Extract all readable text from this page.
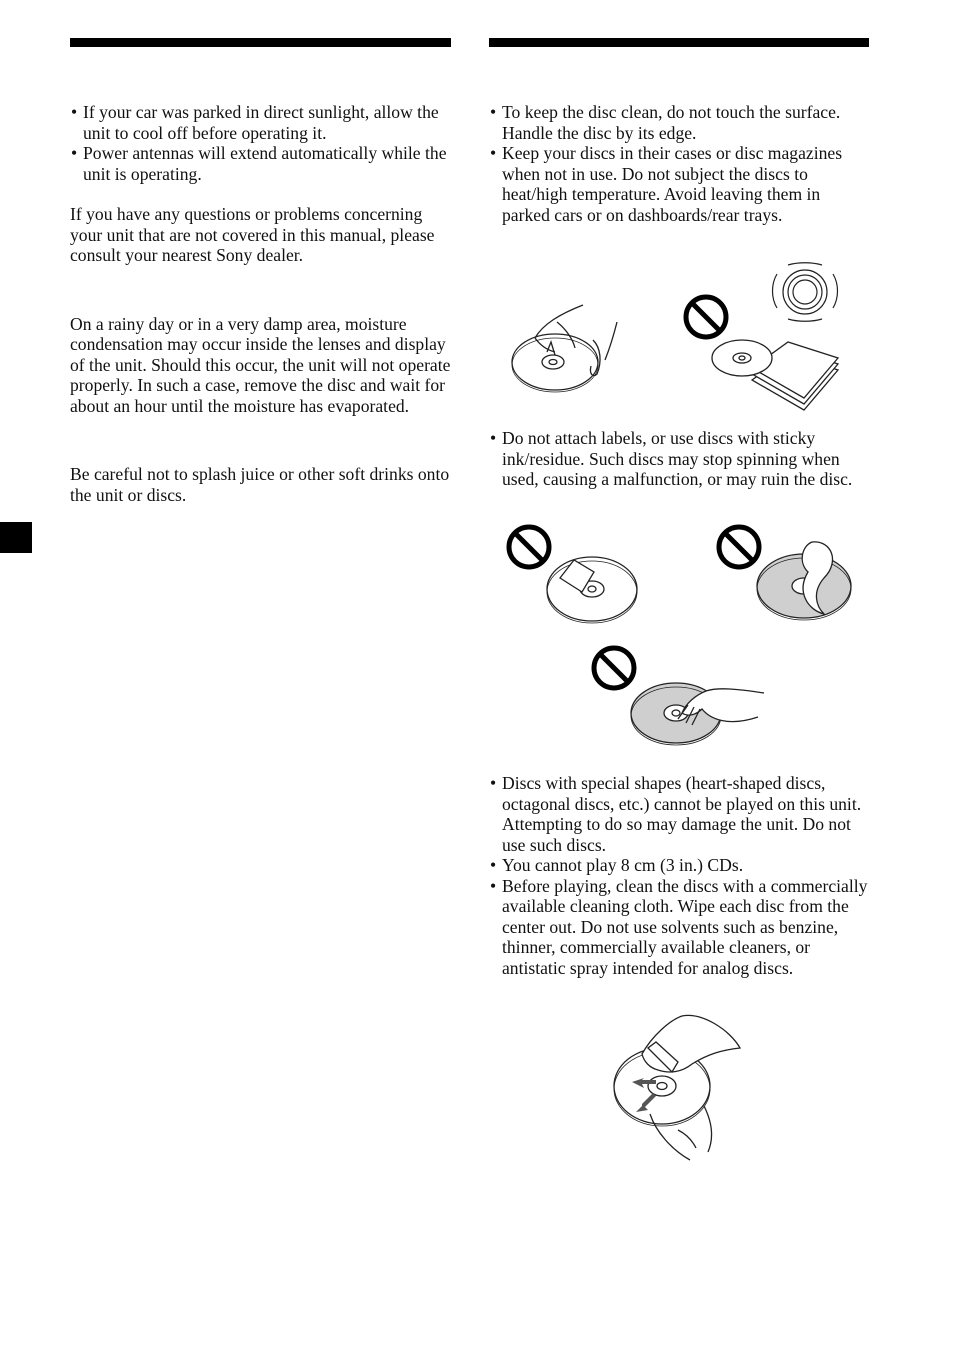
• If your car was parked in direct sunlight, allow the unit to cool off before operating it.
• Power antennas will extend automatically while the unit is operating.

If you have any questions or problems concerning your unit that are not covered in this manual, please consult your nearest Sony dealer.

On a rainy day or in a very damp area, moisture condensation may occur inside the lenses and display of the unit. Should this occur, the unit will not operate properly. In such a case, remove the disc and wait for about an hour until the moisture has evaporated.

Be careful not to splash juice or other soft drinks onto the unit or discs.

• To keep the disc clean, do not touch the surface. Handle the disc by its edge.
• Keep your discs in their cases or disc magazines when not in use. Do not subject the discs to heat/high temperature. Avoid leaving them in parked cars or on dashboards/rear trays.
• Do not attach labels, or use discs with sticky ink/residue. Such discs may stop spinning when used, causing a malfunction, or may ruin the disc.
• Discs with special shapes (heart-shaped discs, octagonal discs, etc.) cannot be played on this unit. Attempting to do so may damage the unit. Do not use such discs.
• You cannot play 8 cm (3 in.) CDs.
• Before playing, clean the discs with a commercially available cleaning cloth. Wipe each disc from the center out. Do not use solvents such as benzine, thinner, commercially available cleaners, or antistatic spray intended for analog discs.
